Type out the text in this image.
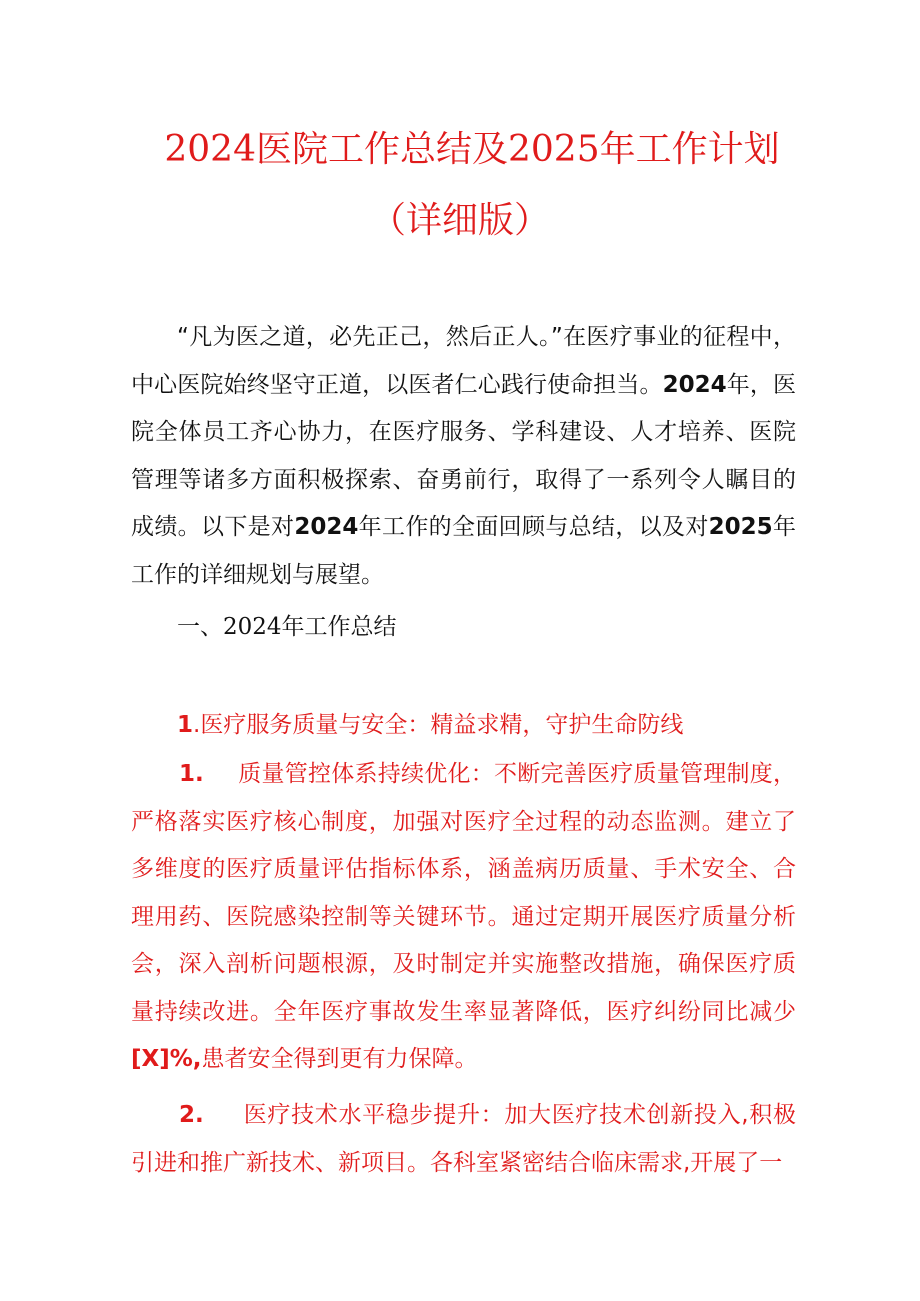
2024医院工作总结及2025年工作计划
（详细版）

“凡为医之道，必先正己，然后正人。”在医疗事业的征程中，中心医院始终坚守正道，以医者仁心践行使命担当。2024年，医院全体员工齐心协力，在医疗服务、学科建设、人才培养、医院管理等诸多方面积极探索、奋勇前行，取得了一系列令人瞩目的成绩。以下是对2024年工作的全面回顾与总结，以及对2025年工作的详细规划与展望。

一、2024年工作总结

1.医疗服务质量与安全：精益求精，守护生命防线

1. 质量管控体系持续优化：不断完善医疗质量管理制度，严格落实医疗核心制度，加强对医疗全过程的动态监测。建立了多维度的医疗质量评估指标体系，涵盖病历质量、手术安全、合理用药、医院感染控制等关键环节。通过定期开展医疗质量分析会，深入剖析问题根源，及时制定并实施整改措施，确保医疗质量持续改进。全年医疗事故发生率显著降低，医疗纠纷同比减少[X]%,患者安全得到更有力保障。

2. 医疗技术水平稳步提升：加大医疗技术创新投入,积极引进和推广新技术、新项目。各科室紧密结合临床需求,开展了一
